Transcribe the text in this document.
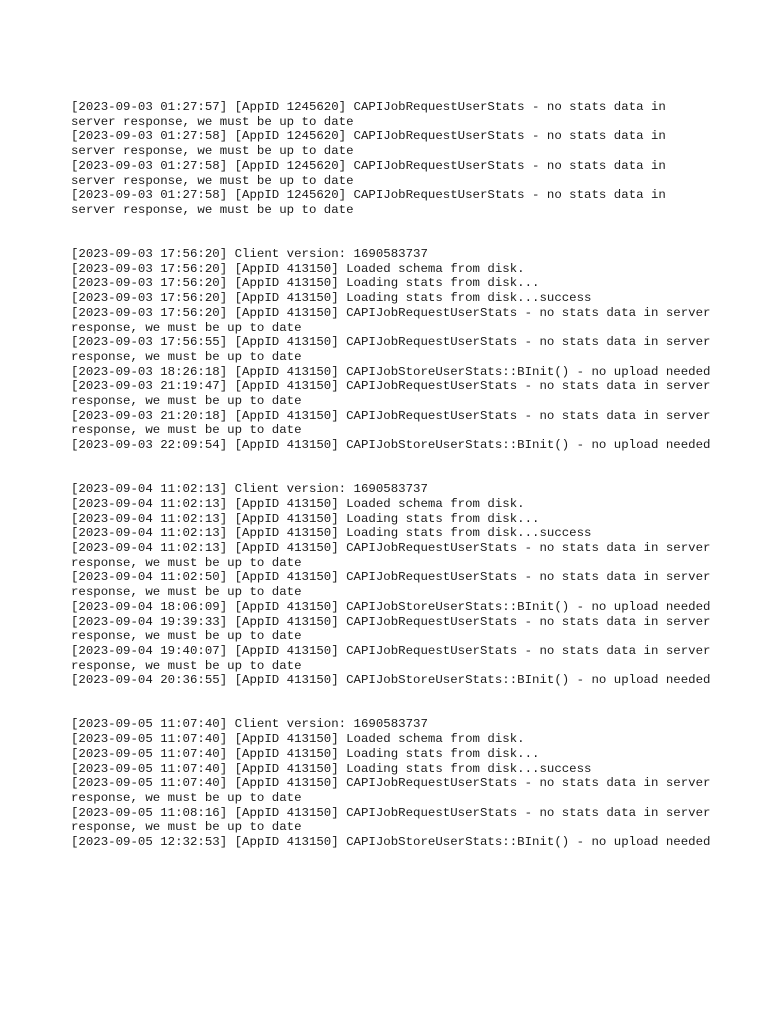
[2023-09-03 01:27:57] [AppID 1245620] CAPIJobRequestUserStats - no stats data in server response, we must be up to date
[2023-09-03 01:27:58] [AppID 1245620] CAPIJobRequestUserStats - no stats data in server response, we must be up to date
[2023-09-03 01:27:58] [AppID 1245620] CAPIJobRequestUserStats - no stats data in server response, we must be up to date
[2023-09-03 01:27:58] [AppID 1245620] CAPIJobRequestUserStats - no stats data in server response, we must be up to date
[2023-09-03 17:56:20] Client version: 1690583737
[2023-09-03 17:56:20] [AppID 413150] Loaded schema from disk.
[2023-09-03 17:56:20] [AppID 413150] Loading stats from disk...
[2023-09-03 17:56:20] [AppID 413150] Loading stats from disk...success
[2023-09-03 17:56:20] [AppID 413150] CAPIJobRequestUserStats - no stats data in server response, we must be up to date
[2023-09-03 17:56:55] [AppID 413150] CAPIJobRequestUserStats - no stats data in server response, we must be up to date
[2023-09-03 18:26:18] [AppID 413150] CAPIJobStoreUserStats::BInit() - no upload needed
[2023-09-03 21:19:47] [AppID 413150] CAPIJobRequestUserStats - no stats data in server response, we must be up to date
[2023-09-03 21:20:18] [AppID 413150] CAPIJobRequestUserStats - no stats data in server response, we must be up to date
[2023-09-03 22:09:54] [AppID 413150] CAPIJobStoreUserStats::BInit() - no upload needed
[2023-09-04 11:02:13] Client version: 1690583737
[2023-09-04 11:02:13] [AppID 413150] Loaded schema from disk.
[2023-09-04 11:02:13] [AppID 413150] Loading stats from disk...
[2023-09-04 11:02:13] [AppID 413150] Loading stats from disk...success
[2023-09-04 11:02:13] [AppID 413150] CAPIJobRequestUserStats - no stats data in server response, we must be up to date
[2023-09-04 11:02:50] [AppID 413150] CAPIJobRequestUserStats - no stats data in server response, we must be up to date
[2023-09-04 18:06:09] [AppID 413150] CAPIJobStoreUserStats::BInit() - no upload needed
[2023-09-04 19:39:33] [AppID 413150] CAPIJobRequestUserStats - no stats data in server response, we must be up to date
[2023-09-04 19:40:07] [AppID 413150] CAPIJobRequestUserStats - no stats data in server response, we must be up to date
[2023-09-04 20:36:55] [AppID 413150] CAPIJobStoreUserStats::BInit() - no upload needed
[2023-09-05 11:07:40] Client version: 1690583737
[2023-09-05 11:07:40] [AppID 413150] Loaded schema from disk.
[2023-09-05 11:07:40] [AppID 413150] Loading stats from disk...
[2023-09-05 11:07:40] [AppID 413150] Loading stats from disk...success
[2023-09-05 11:07:40] [AppID 413150] CAPIJobRequestUserStats - no stats data in server response, we must be up to date
[2023-09-05 11:08:16] [AppID 413150] CAPIJobRequestUserStats - no stats data in server response, we must be up to date
[2023-09-05 12:32:53] [AppID 413150] CAPIJobStoreUserStats::BInit() - no upload needed
